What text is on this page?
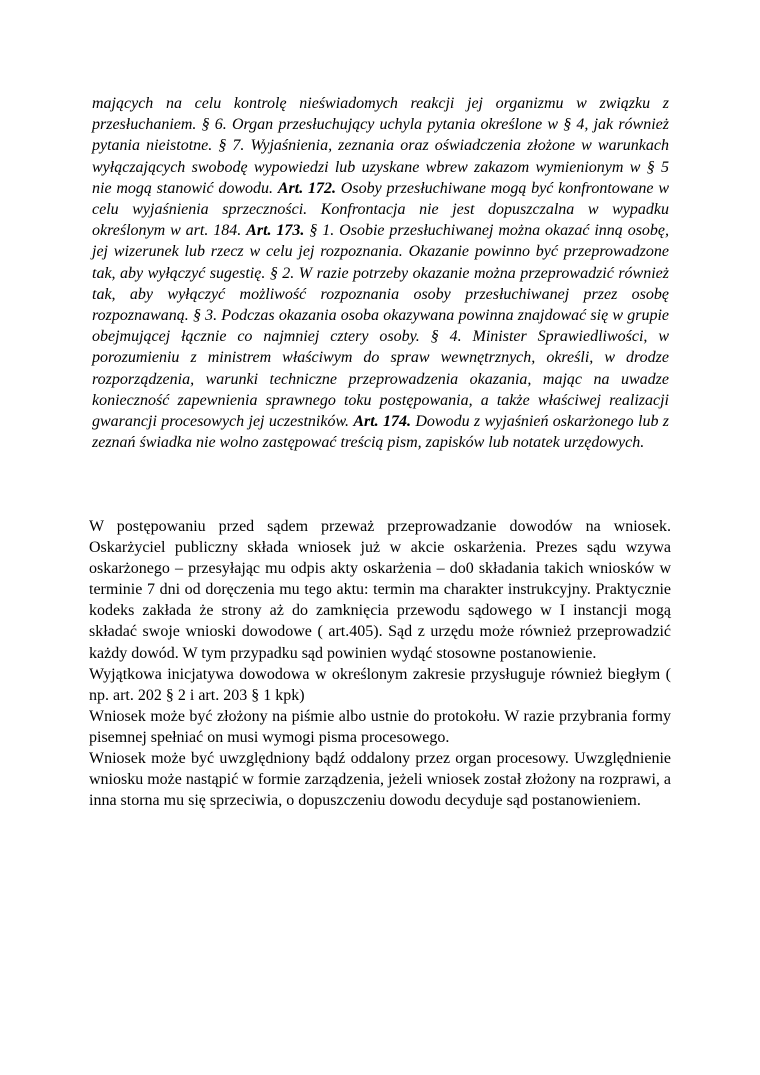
mających na celu kontrolę nieświadomych reakcji jej organizmu w związku z przesłuchaniem. § 6. Organ przesłuchujący uchyla pytania określone w § 4, jak również pytania nieistotne. § 7. Wyjaśnienia, zeznania oraz oświadczenia złożone w warunkach wyłączających swobodę wypowiedzi lub uzyskane wbrew zakazom wymienionym w § 5 nie mogą stanowić dowodu. Art. 172. Osoby przesłuchiwane mogą być konfrontowane w celu wyjaśnienia sprzeczności. Konfrontacja nie jest dopuszczalna w wypadku określonym w art. 184. Art. 173. § 1. Osobie przesłuchiwanej można okazać inną osobę, jej wizerunek lub rzecz w celu jej rozpoznania. Okazanie powinno być przeprowadzone tak, aby wyłączyć sugestię. § 2. W razie potrzeby okazanie można przeprowadzić również tak, aby wyłączyć możliwość rozpoznania osoby przesłuchiwanej przez osobę rozpoznawaną. § 3. Podczas okazania osoba okazywana powinna znajdować się w grupie obejmującej łącznie co najmniej cztery osoby. § 4. Minister Sprawiedliwości, w porozumieniu z ministrem właściwym do spraw wewnętrznych, określi, w drodze rozporządzenia, warunki techniczne przeprowadzenia okazania, mając na uwadze konieczność zapewnienia sprawnego toku postępowania, a także właściwej realizacji gwarancji procesowych jej uczestników. Art. 174. Dowodu z wyjaśnień oskarżonego lub z zeznań świadka nie wolno zastępować treścią pism, zapisków lub notatek urzędowych.

W postępowaniu przed sądem przeważ przeprowadzanie dowodów na wniosek. Oskarżyciel publiczny składa wniosek już w akcie oskarżenia. Prezes sądu wzywa oskarżonego – przesyłając mu odpis akty oskarżenia – do0 składania takich wniosków w terminie 7 dni od doręczenia mu tego aktu: termin ma charakter instrukcyjny. Praktycznie kodeks zakłada że strony aż do zamknięcia przewodu sądowego w I instancji mogą składać swoje wnioski dowodowe ( art.405). Sąd z urzędu może również przeprowadzić każdy dowód. W tym przypadku sąd powinien wydąć stosowne postanowienie.

Wyjątkowa inicjatywa dowodowa w określonym zakresie przysługuje również biegłym ( np. art. 202 § 2 i art. 203 § 1 kpk)

Wniosek może być złożony na piśmie albo ustnie do protokołu. W razie przybrania formy pisemnej spełniać on musi wymogi pisma procesowego.

Wniosek może być uwzględniony bądź oddalony przez organ procesowy. Uwzględnienie wniosku może nastąpić w formie zarządzenia, jeżeli wniosek został złożony na rozprawi, a inna storna mu się sprzeciwia, o dopuszczeniu dowodu decyduje sąd postanowieniem.
